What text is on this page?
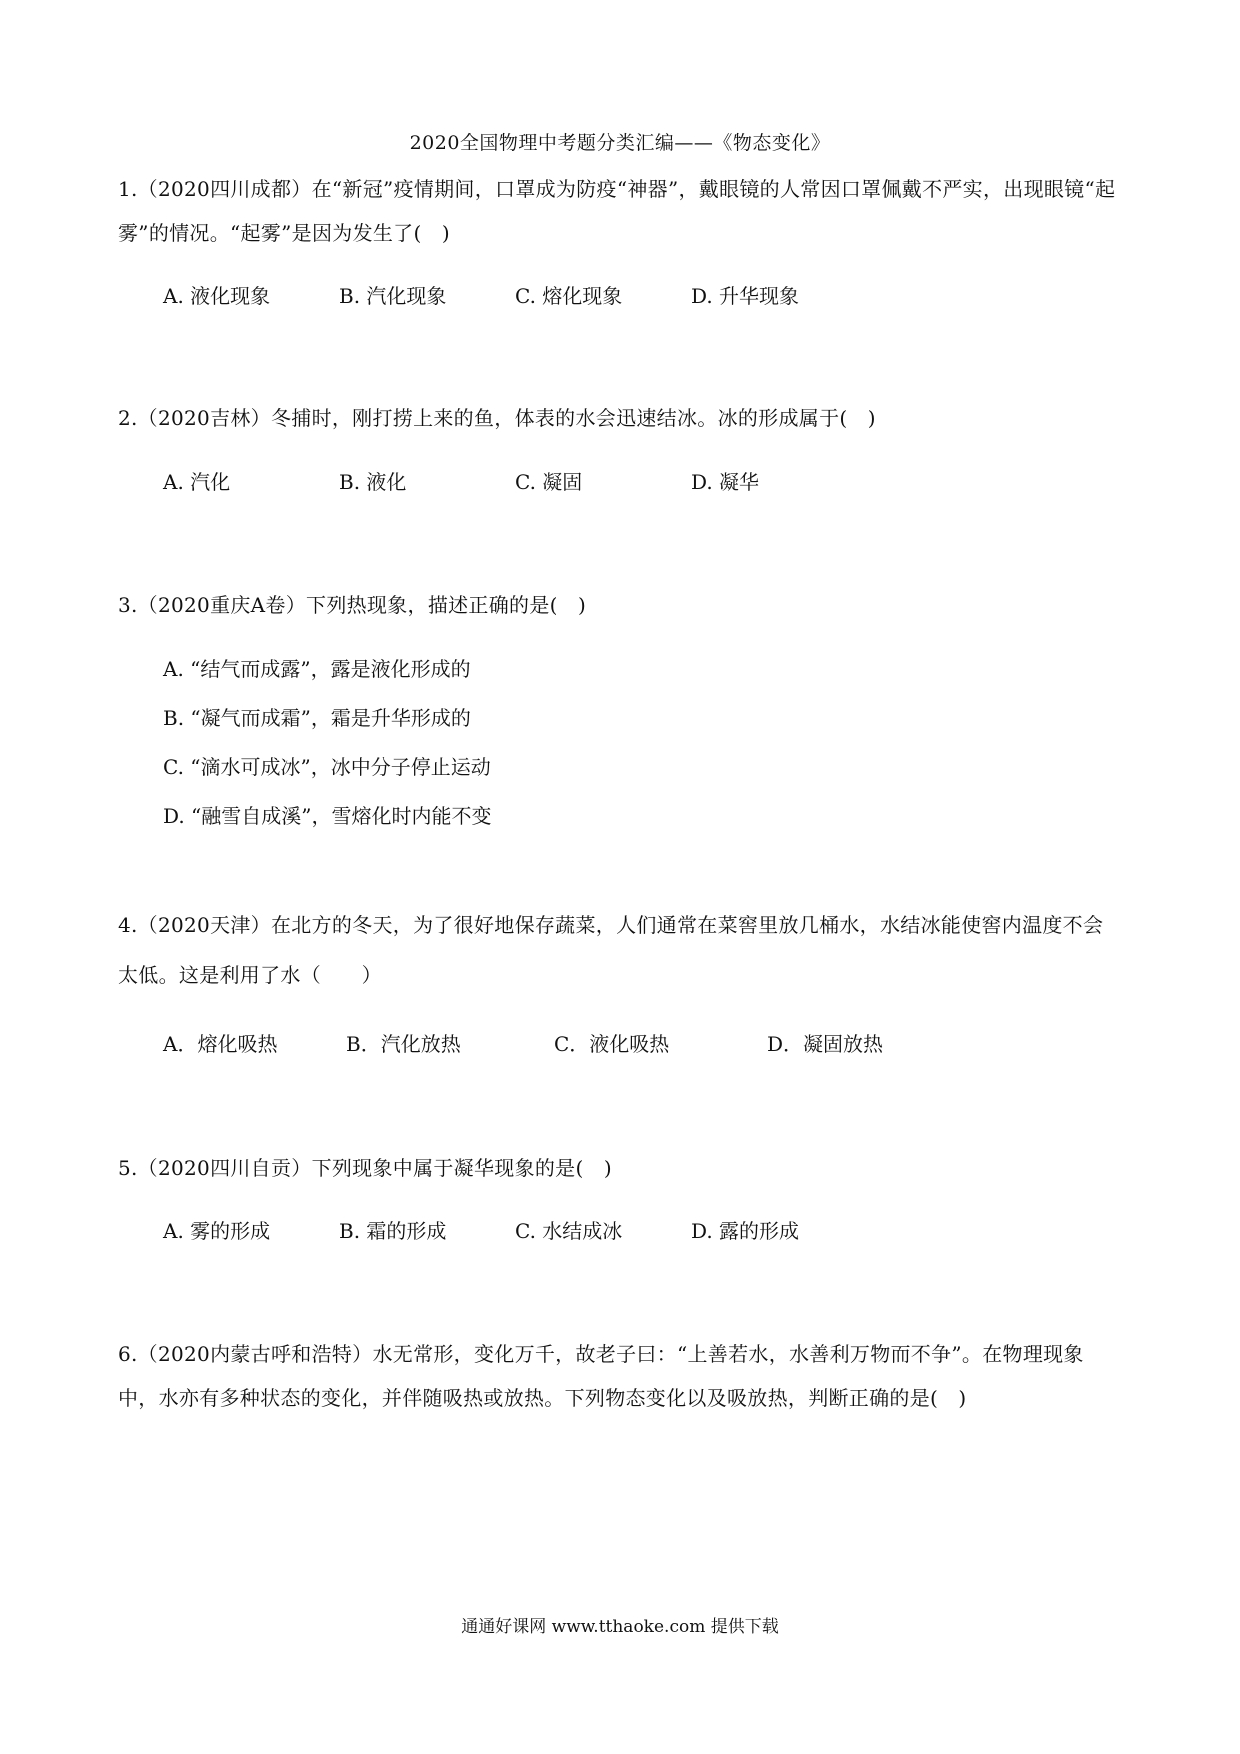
2020全国物理中考题分类汇编——《物态变化》
1.（2020四川成都）在“新冠”疫情期间，口罩成为防疫“神器”，戴眼镜的人常因口罩佩戴不严实，出现眼镜“起雾”的情况。“起雾”是因为发生了(　)
A. 液化现象	B. 汽化现象	C. 熔化现象	D. 升华现象
2.（2020吉林）冬捕时，刚打捞上来的鱼，体表的水会迅速结冰。冰的形成属于(　)
A. 汽化	B. 液化	C. 凝固	D. 凝华
3.（2020重庆A卷）下列热现象，描述正确的是(　)
A. “结气而成露”，露是液化形成的
B. “凝气而成霜”，霜是升华形成的
C. “滴水可成冰”，冰中分子停止运动
D. “融雪自成溪”，雪熔化时内能不变
4.（2020天津）在北方的冬天，为了很好地保存蔬菜，人们通常在菜窖里放几桶水，水结冰能使窖内温度不会太低。这是利用了水（　　）
A．熔化吸热	B．汽化放热	C．液化吸热	D．凝固放热
5.（2020四川自贡）下列现象中属于凝华现象的是(　)
A. 雾的形成	B. 霜的形成	C. 水结成冰	D. 露的形成
6.（2020内蒙古呼和浩特）水无常形，变化万千，故老子曰：“上善若水，水善利万物而不争”。在物理现象中，水亦有多种状态的变化，并伴随吸热或放热。下列物态变化以及吸放热，判断正确的是(　)
通通好课网 www.tthaoke.com 提供下载
